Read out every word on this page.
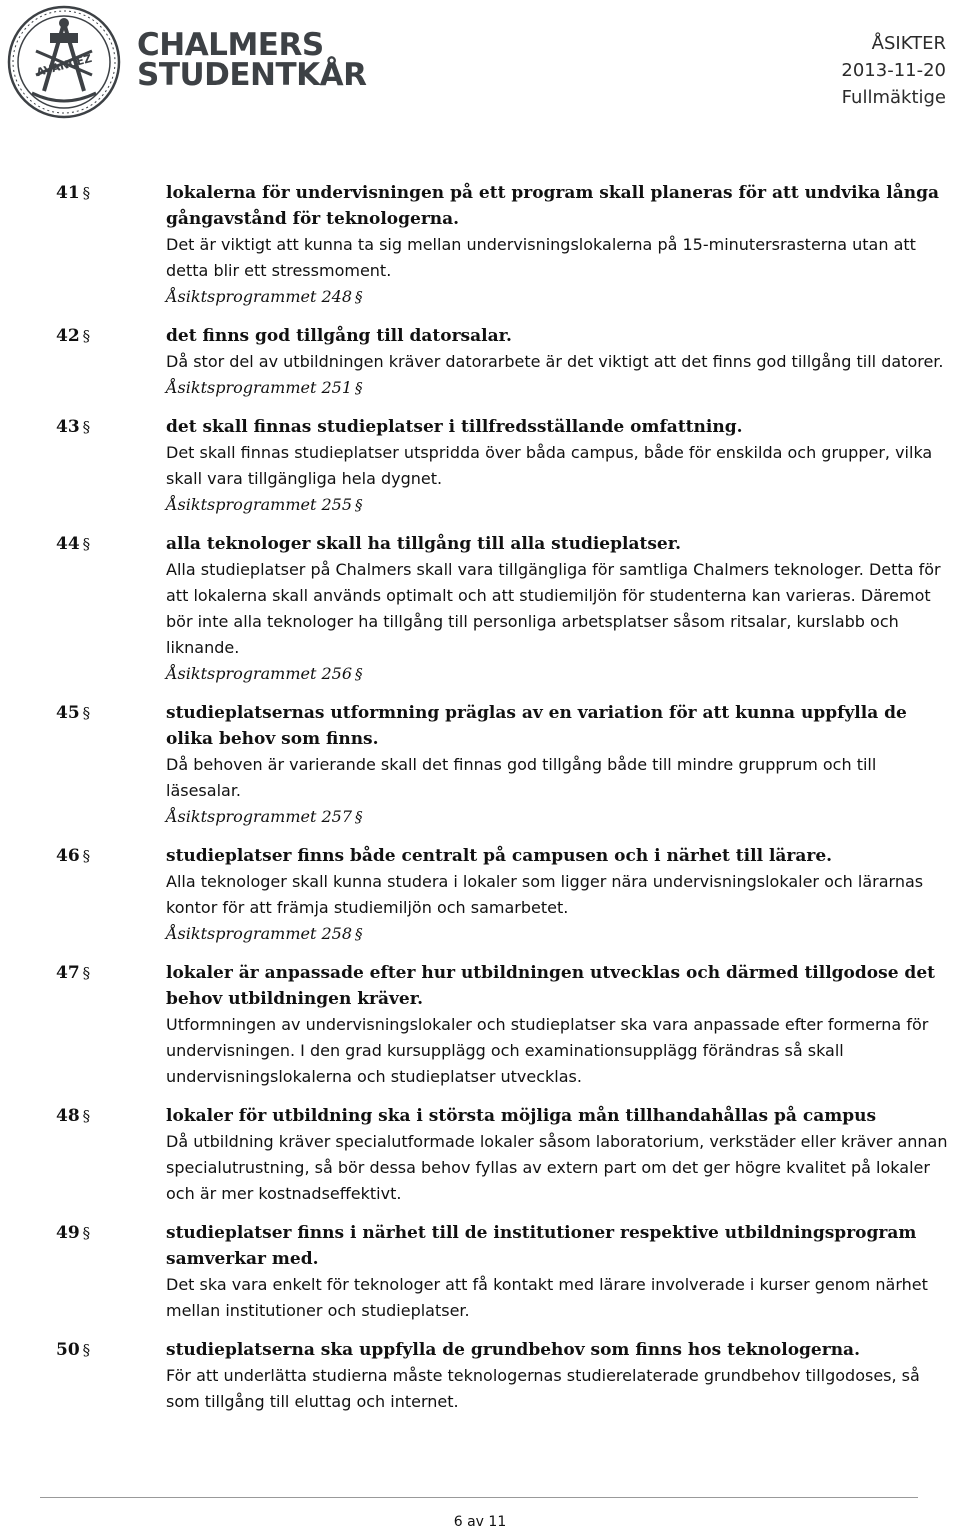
AVANCEZ
CHALMERS
STUDENTKÅR
ÅSIKTER
2013-11-20
Fullmäktige
41 §	lokalerna för undervisningen på ett program skall planeras för att undvika långa gångavstånd för teknologerna.
Det är viktigt att kunna ta sig mellan undervisningslokalerna på 15-minutersrasterna utan att detta blir ett stressmoment.
Åsiktsprogrammet 248 §
42 §	det finns god tillgång till datorsalar.
Då stor del av utbildningen kräver datorarbete är det viktigt att det finns god tillgång till datorer.
Åsiktsprogrammet 251 §
43 §	det skall finnas studieplatser i tillfredsställande omfattning.
Det skall finnas studieplatser utspridda över båda campus, både för enskilda och grupper, vilka skall vara tillgängliga hela dygnet.
Åsiktsprogrammet 255 §
44 §	alla teknologer skall ha tillgång till alla studieplatser.
Alla studieplatser på Chalmers skall vara tillgängliga för samtliga Chalmers teknologer. Detta för att lokalerna skall används optimalt och att studiemiljön för studenterna kan varieras. Däremot bör inte alla teknologer ha tillgång till personliga arbetsplatser såsom ritsalar, kurslabb och liknande.
Åsiktsprogrammet 256 §
45 §	studieplatsernas utformning präglas av en variation för att kunna uppfylla de olika behov som finns.
Då behoven är varierande skall det finnas god tillgång både till mindre grupprum och till läsesalar.
Åsiktsprogrammet 257 §
46 §	studieplatser finns både centralt på campusen och i närhet till lärare.
Alla teknologer skall kunna studera i lokaler som ligger nära undervisningslokaler och lärarnas kontor för att främja studiemiljön och samarbetet.
Åsiktsprogrammet 258 §
47 §	lokaler är anpassade efter hur utbildningen utvecklas och därmed tillgodose det behov utbildningen kräver.
Utformningen av undervisningslokaler och studieplatser ska vara anpassade efter formerna för undervisningen. I den grad kursupplägg och examinationsupplägg förändras så skall undervisningslokalerna och studieplatser utvecklas.
48 §	lokaler för utbildning ska i största möjliga mån tillhandahållas på campus
Då utbildning kräver specialutformade lokaler såsom laboratorium, verkstäder eller kräver annan specialutrustning, så bör dessa behov fyllas av extern part om det ger högre kvalitet på lokaler och är mer kostnadseffektivt.
49 §	studieplatser finns i närhet till de institutioner respektive utbildningsprogram samverkar med.
Det ska vara enkelt för teknologer att få kontakt med lärare involverade i kurser genom närhet mellan institutioner och studieplatser.
50 §	studieplatserna ska uppfylla de grundbehov som finns hos teknologerna.
För att underlätta studierna måste teknologernas studierelaterade grundbehov tillgodoses, så som tillgång till eluttag och internet.
6 av 11
